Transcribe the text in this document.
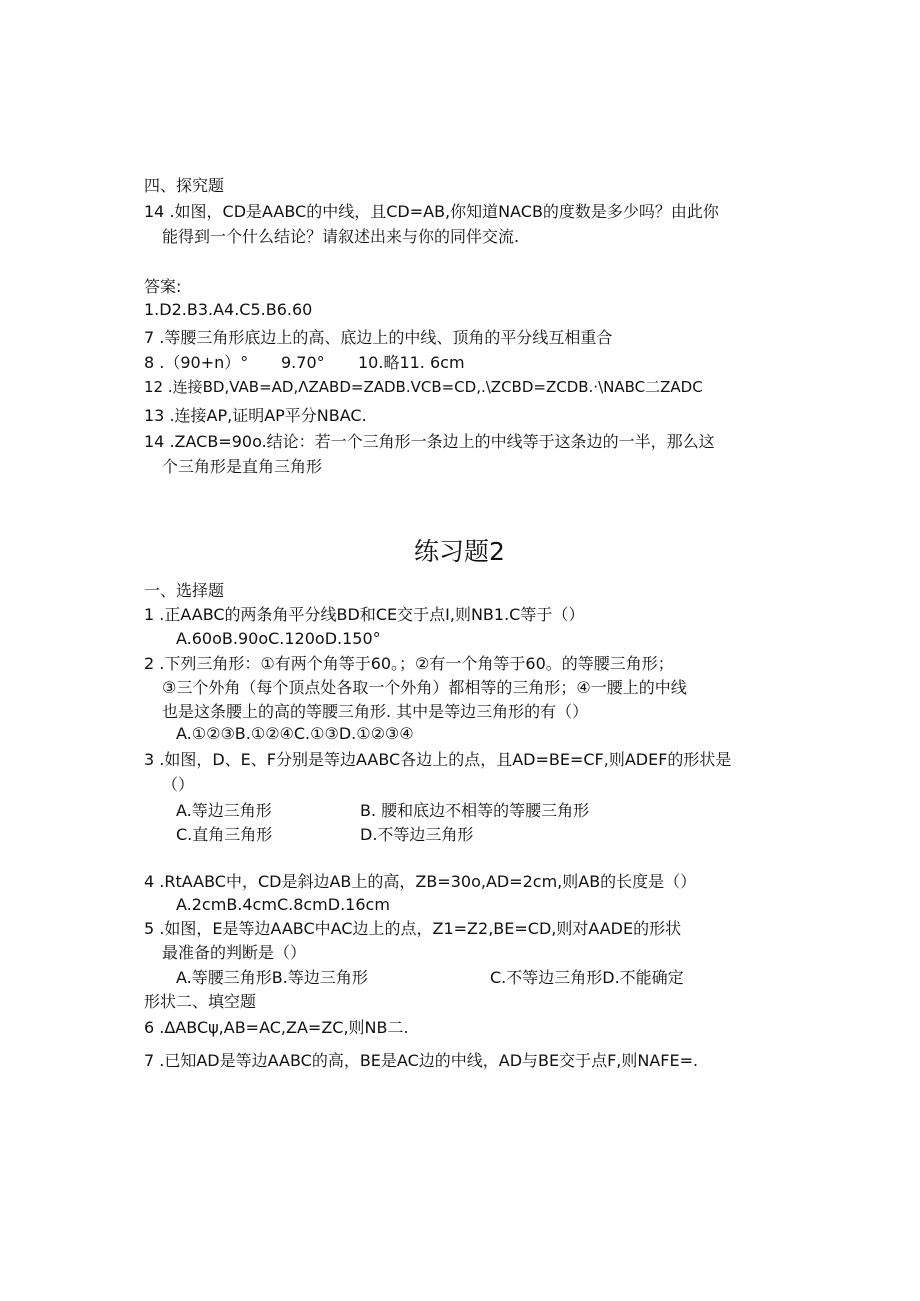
四、探究题
14 .如图，CD是AABC的中线，且CD=AB,你知道NACB的度数是多少吗？由此你
能得到一个什么结论？请叙述出来与你的同伴交流.
答案:
1.D2.B3.A4.C5.B6.60
7 .等腰三角形底边上的高、底边上的中线、顶角的平分线互相重合
8 .（90+n）° 9.70° 10.略11. 6cm
12 .连接BD,VAB=AD,ΛZABD=ZADB.VCB=CD,.\ZCBD=ZCDB.·\NABC二ZADC
13 .连接AP,证明AP平分NBAC.
14 .ZACB=90o.结论：若一个三角形一条边上的中线等于这条边的一半，那么这
个三角形是直角三角形
练习题2
一、选择题
1 .正AABC的两条角平分线BD和CE交于点I,则NB1.C等于（）
A.60oB.90oC.120oD.150°
2 .下列三角形：①有两个角等于60。；②有一个角等于60。的等腰三角形；
③三个外角（每个顶点处各取一个外角）都相等的三角形；④一腰上的中线
也是这条腰上的高的等腰三角形. 其中是等边三角形的有（）
A.①②③B.①②④C.①③D.①②③④
3 .如图，D、E、F分别是等边AABC各边上的点，且AD=BE=CF,则ADEF的形状是
（）
A.等边三角形	B. 腰和底边不相等的等腰三角形
C.直角三角形	D.不等边三角形
4 .RtAABC中，CD是斜边AB上的高，ZB=30o,AD=2cm,则AB的长度是（）
A.2cmB.4cmC.8cmD.16cm
5 .如图，E是等边AABC中AC边上的点，Z1=Z2,BE=CD,则对AADE的形状
最准备的判断是（）
A.等腰三角形B.等边三角形	C.不等边三角形D.不能确定
形状二、填空题
6 .ΔABCψ,AB=AC,ZA=ZC,则NB二.
7 .已知AD是等边AABC的高，BE是AC边的中线，AD与BE交于点F,则NAFE=.
